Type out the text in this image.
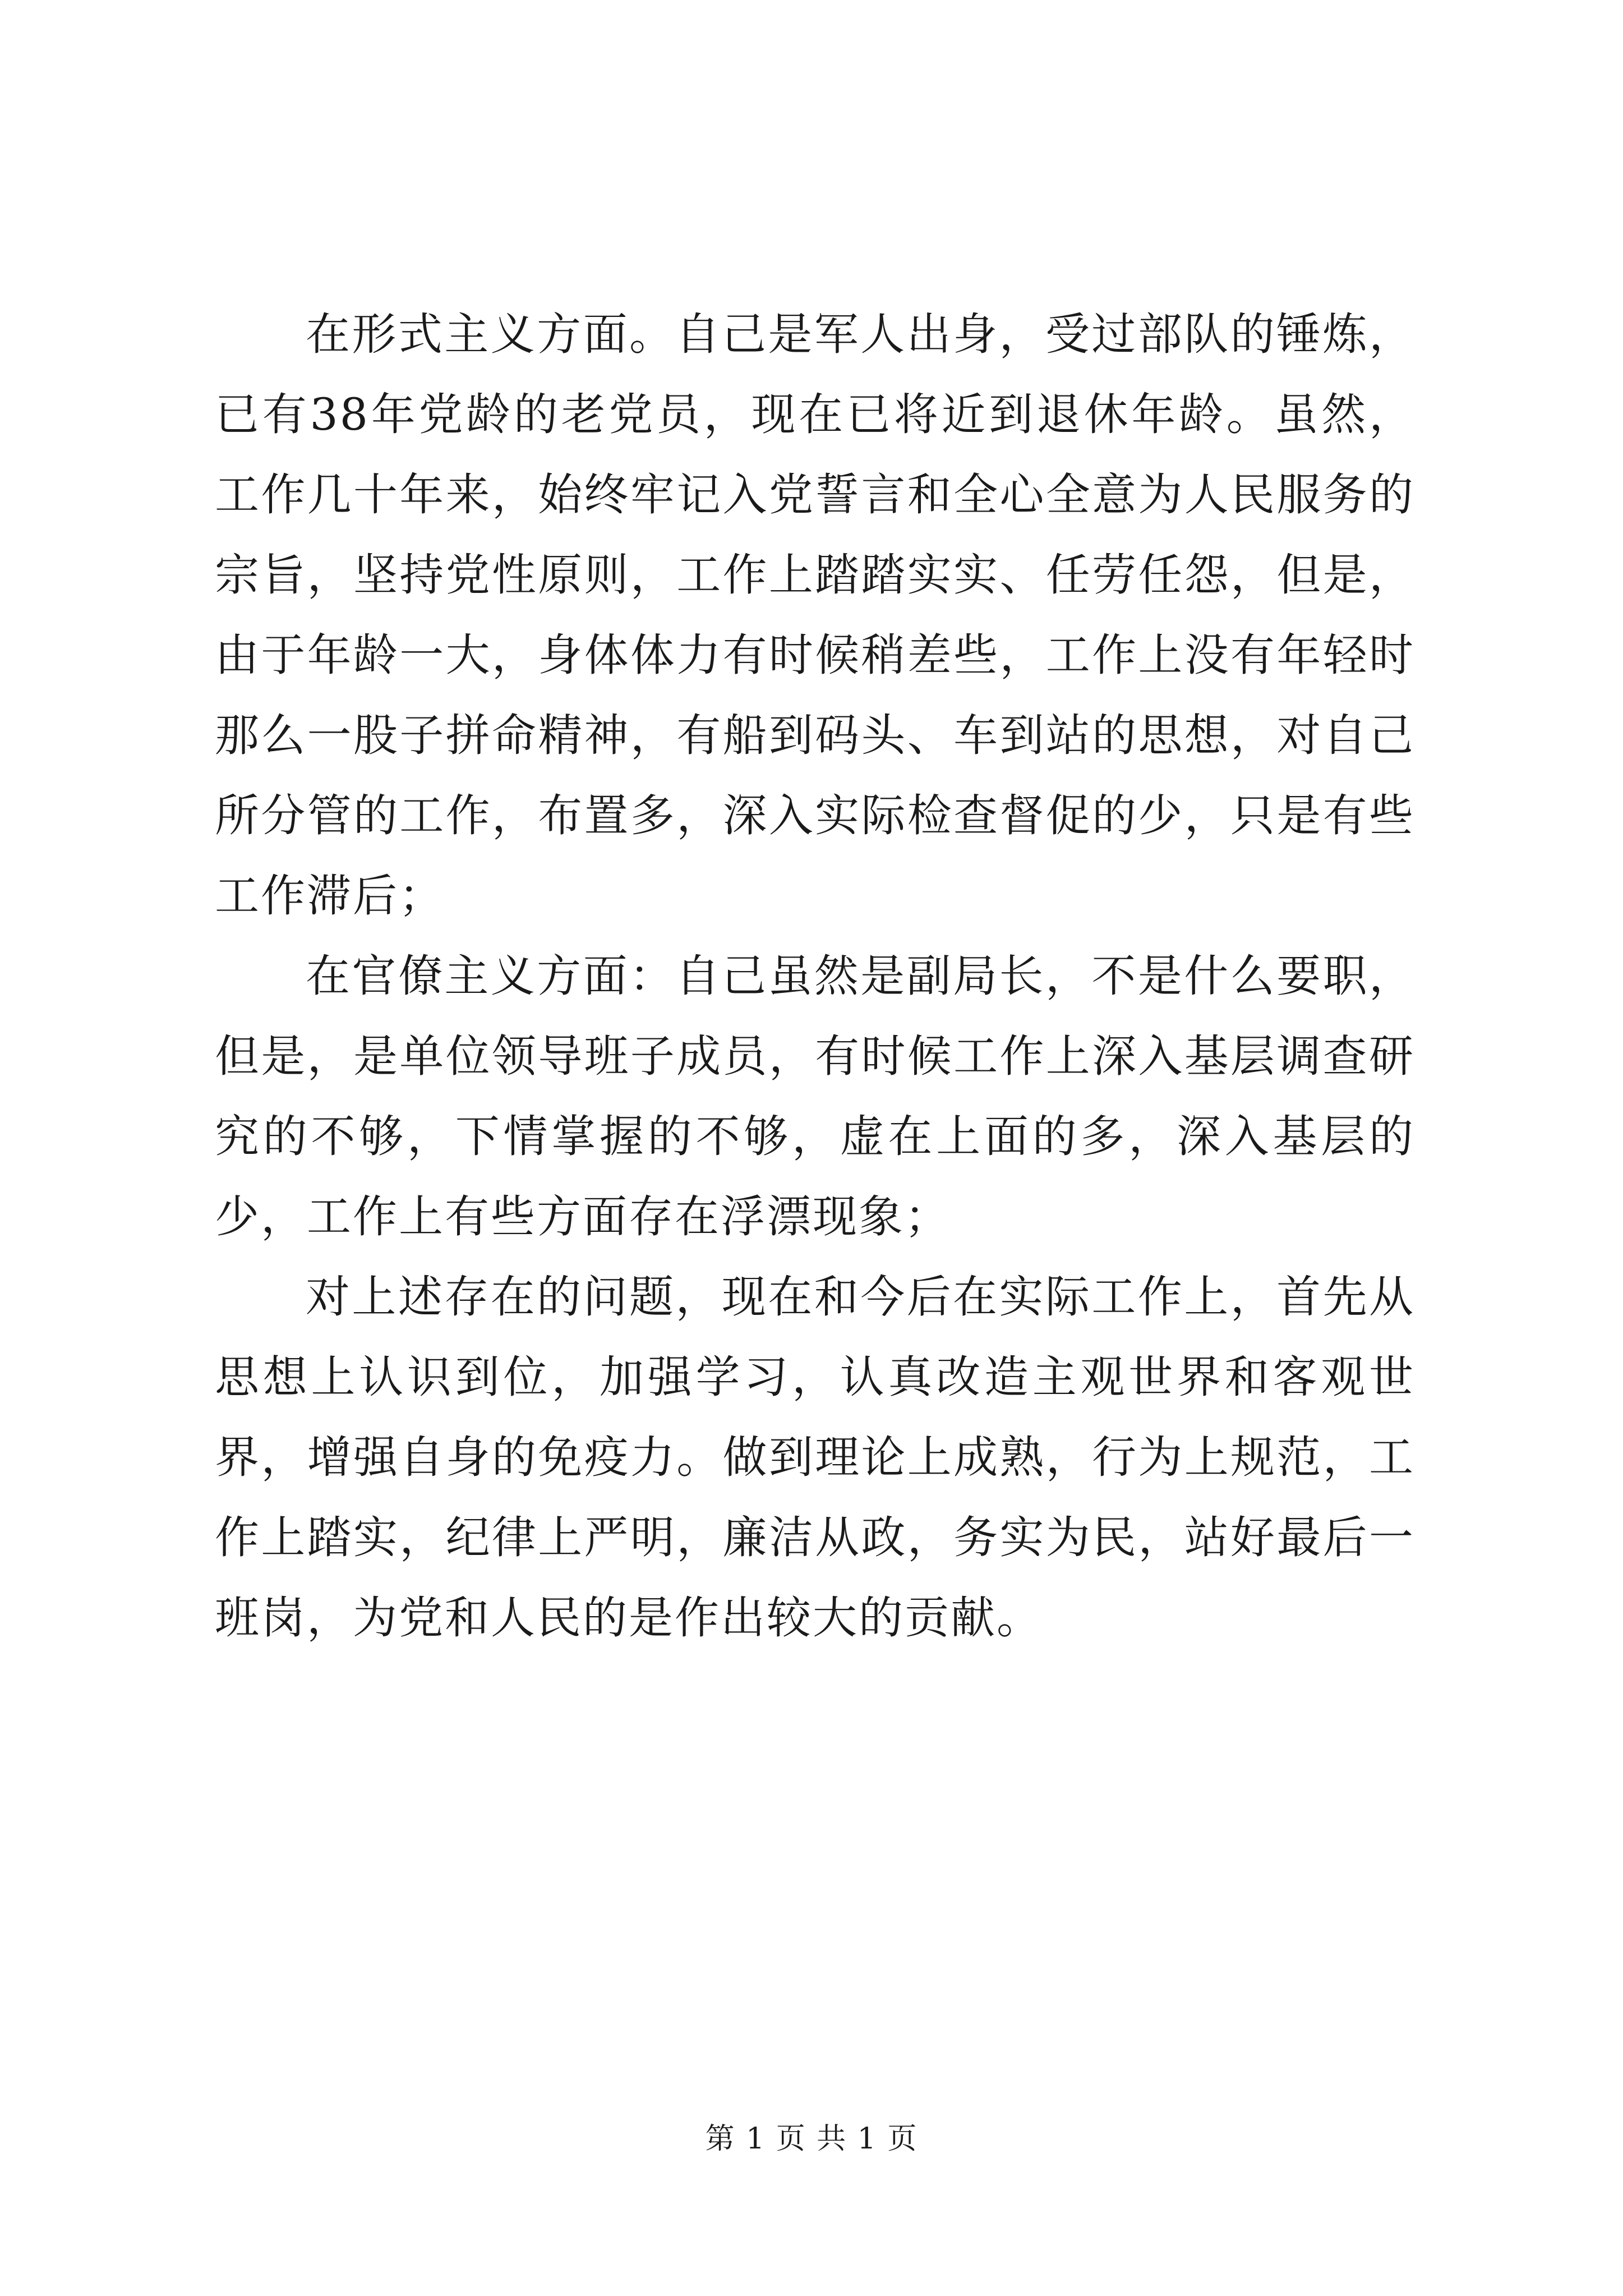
在形式主义方面。自己是军人出身，受过部队的锤炼，已有38年党龄的老党员，现在已将近到退休年龄。虽然，工作几十年来，始终牢记入党誓言和全心全意为人民服务的宗旨，坚持党性原则，工作上踏踏实实、任劳任怨，但是，由于年龄一大，身体体力有时候稍差些，工作上没有年轻时那么一股子拼命精神，有船到码头、车到站的思想，对自己所分管的工作，布置多，深入实际检查督促的少，只是有些工作滞后；

在官僚主义方面：自己虽然是副局长，不是什么要职，但是，是单位领导班子成员，有时候工作上深入基层调查研究的不够，下情掌握的不够，虚在上面的多，深入基层的少，工作上有些方面存在浮漂现象；

对上述存在的问题，现在和今后在实际工作上，首先从思想上认识到位，加强学习，认真改造主观世界和客观世界，增强自身的免疫力。做到理论上成熟，行为上规范，工作上踏实，纪律上严明，廉洁从政，务实为民，站好最后一班岗，为党和人民的是作出较大的贡献。

第 1 页 共 1 页
